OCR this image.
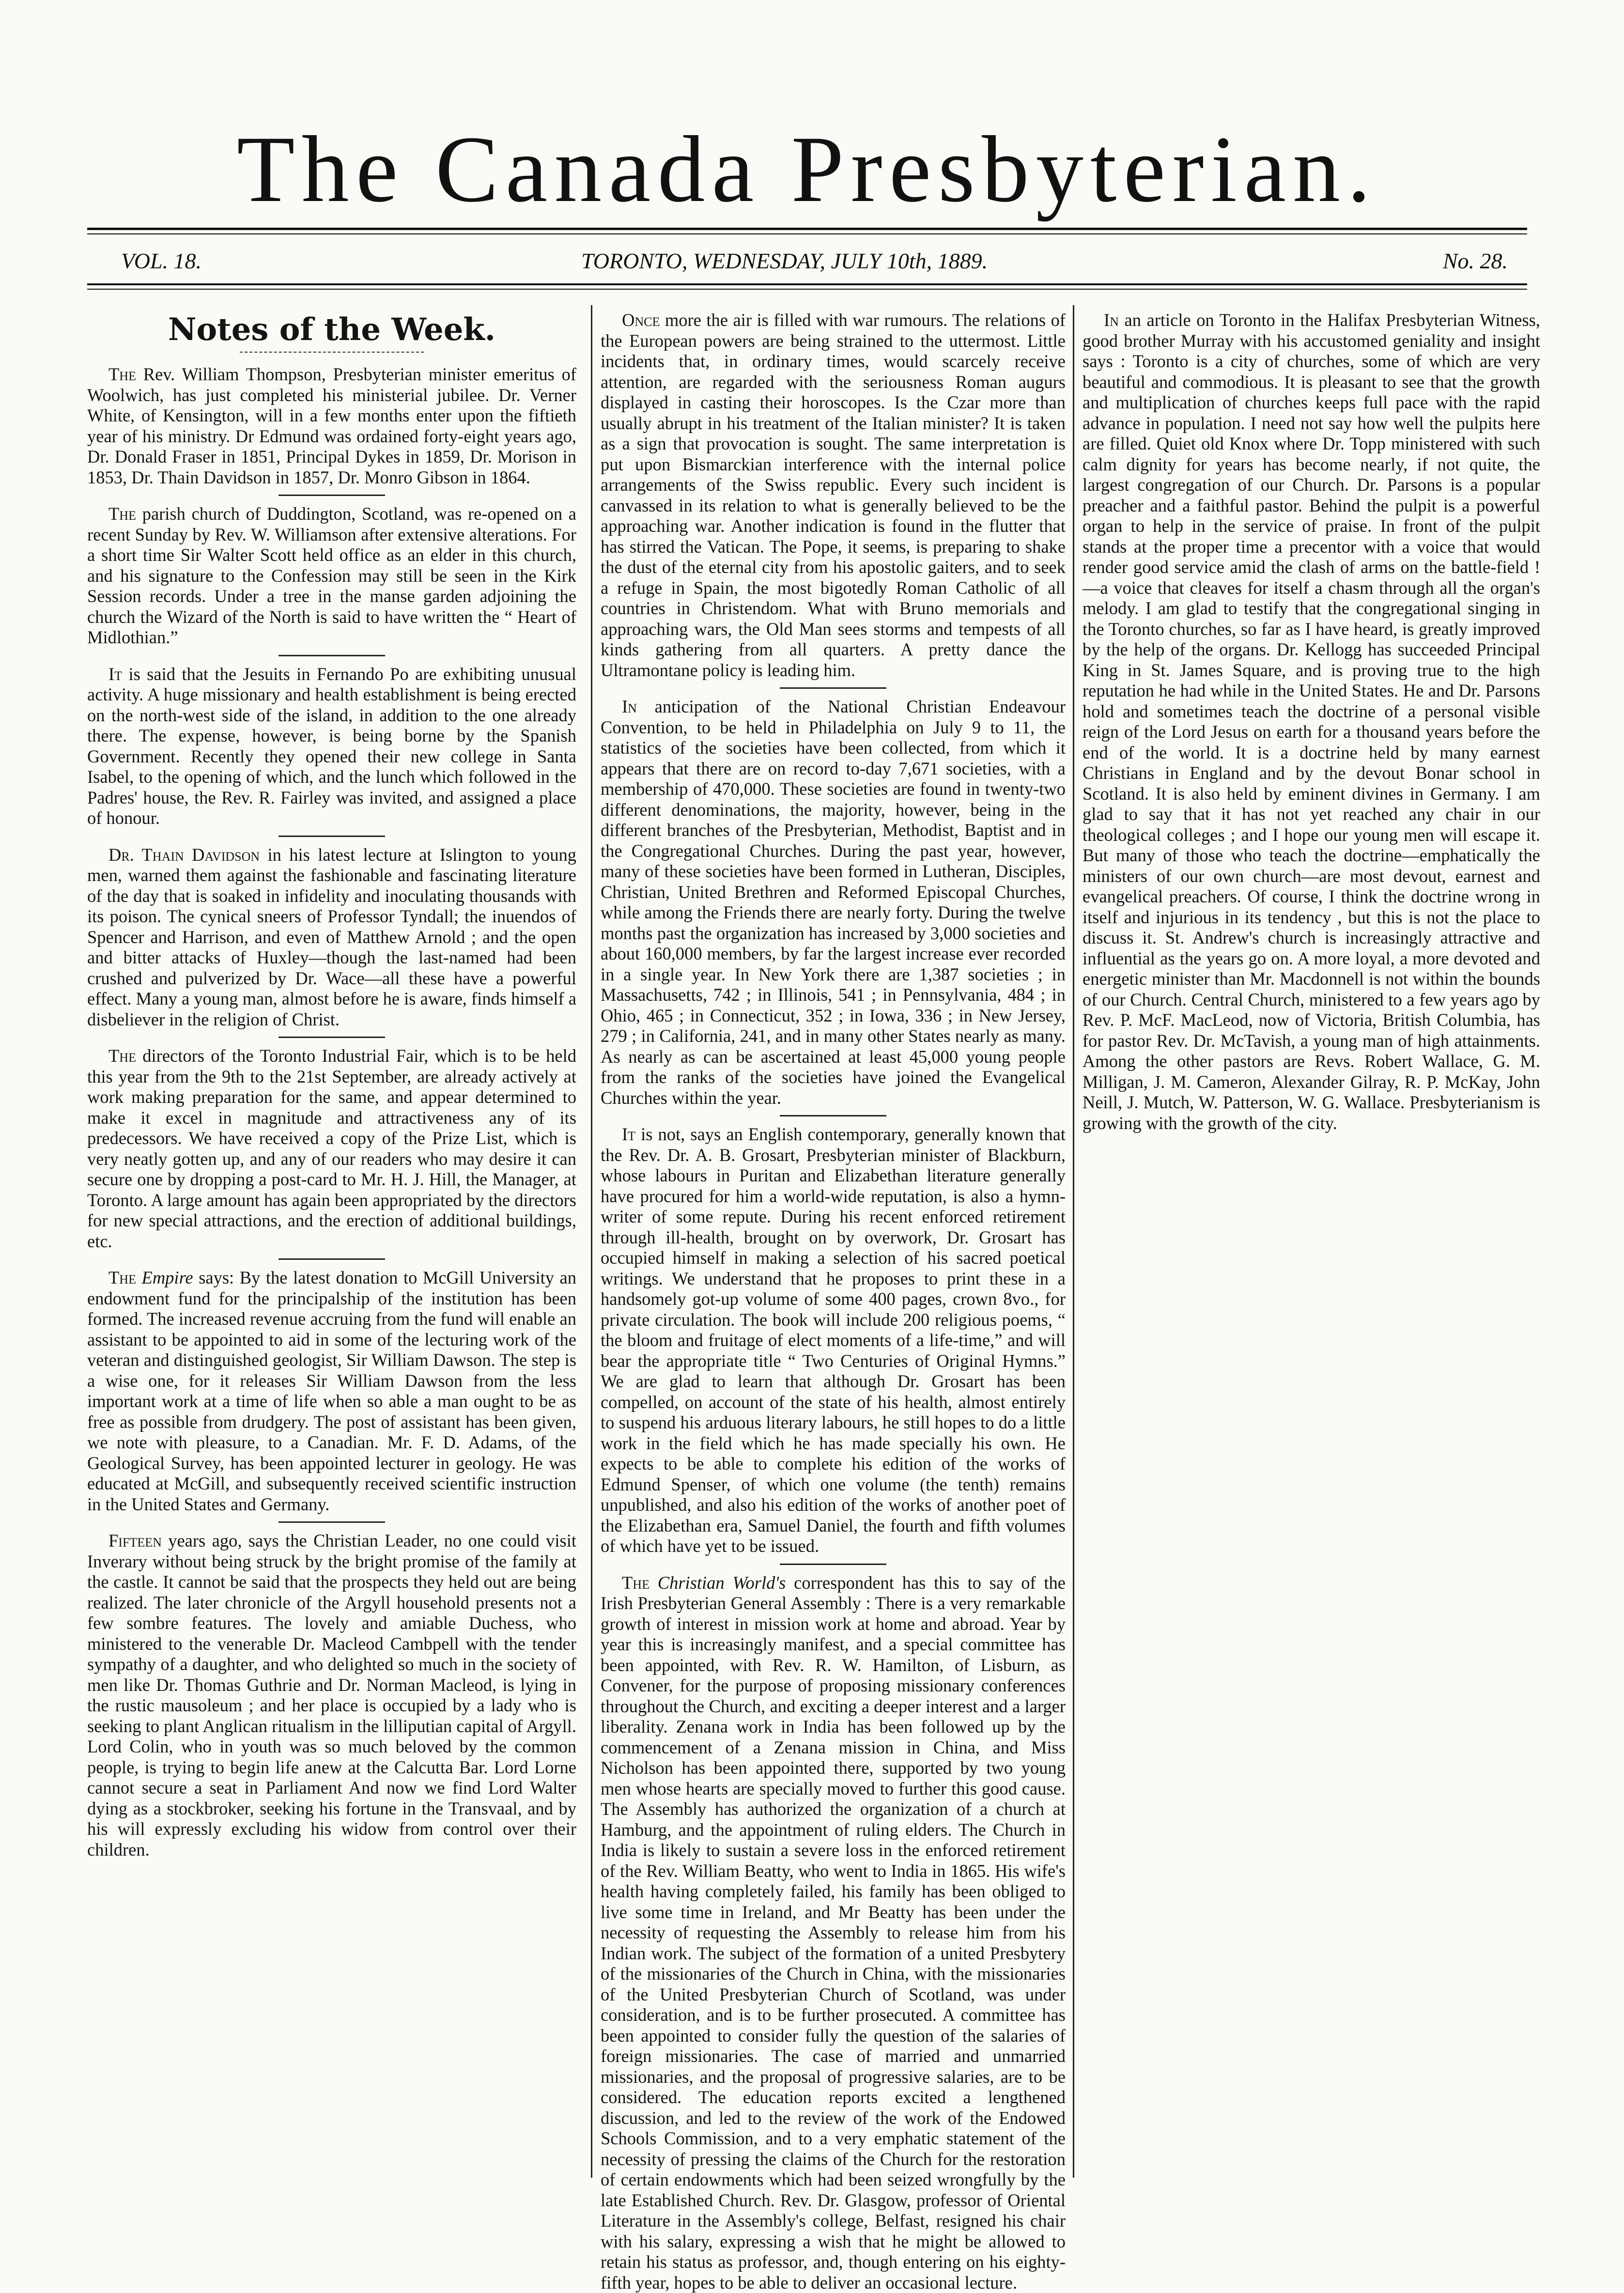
The Canada Presbyterian.
VOL. 18.	TORONTO, WEDNESDAY, JULY 10th, 1889.	No. 28.
Notes of the Week.

The Rev. William Thompson, Presbyterian minister emeritus of Woolwich, has just completed his ministerial jubilee. Dr. Verner White, of Kensington, will in a few months enter upon the fiftieth year of his ministry. Dr Edmund was ordained forty-eight years ago, Dr. Donald Fraser in 1851, Principal Dykes in 1859, Dr. Morison in 1853, Dr. Thain Davidson in 1857, Dr. Monro Gibson in 1864.

The parish church of Duddington, Scotland, was re-opened on a recent Sunday by Rev. W. Williamson after extensive alterations. For a short time Sir Walter Scott held office as an elder in this church, and his signature to the Confession may still be seen in the Kirk Session records. Under a tree in the manse garden adjoining the church the Wizard of the North is said to have written the “ Heart of Midlothian.”

It is said that the Jesuits in Fernando Po are exhibiting unusual activity. A huge missionary and health establishment is being erected on the north-west side of the island, in addition to the one already there. The expense, however, is being borne by the Spanish Government. Recently they opened their new college in Santa Isabel, to the opening of which, and the lunch which followed in the Padres' house, the Rev. R. Fairley was invited, and assigned a place of honour.

Dr. Thain Davidson in his latest lecture at Islington to young men, warned them against the fashionable and fascinating literature of the day that is soaked in infidelity and inoculating thousands with its poison. The cynical sneers of Professor Tyndall; the inuendos of Spencer and Harrison, and even of Matthew Arnold ; and the open and bitter attacks of Huxley—though the last-named had been crushed and pulverized by Dr. Wace—all these have a powerful effect. Many a young man, almost before he is aware, finds himself a disbeliever in the religion of Christ.

The directors of the Toronto Industrial Fair, which is to be held this year from the 9th to the 21st September, are already actively at work making preparation for the same, and appear determined to make it excel in magnitude and attractiveness any of its predecessors. We have received a copy of the Prize List, which is very neatly gotten up, and any of our readers who may desire it can secure one by dropping a post-card to Mr. H. J. Hill, the Manager, at Toronto. A large amount has again been appropriated by the directors for new special attractions, and the erection of additional buildings, etc.

The Empire says: By the latest donation to McGill University an endowment fund for the principalship of the institution has been formed. The increased revenue accruing from the fund will enable an assistant to be appointed to aid in some of the lecturing work of the veteran and distinguished geologist, Sir William Dawson. The step is a wise one, for it releases Sir William Dawson from the less important work at a time of life when so able a man ought to be as free as possible from drudgery. The post of assistant has been given, we note with pleasure, to a Canadian. Mr. F. D. Adams, of the Geological Survey, has been appointed lecturer in geology. He was educated at McGill, and subsequently received scientific instruction in the United States and Germany.

Fifteen years ago, says the Christian Leader, no one could visit Inverary without being struck by the bright promise of the family at the castle. It cannot be said that the prospects they held out are being realized. The later chronicle of the Argyll household presents not a few sombre features. The lovely and amiable Duchess, who ministered to the venerable Dr. Macleod Cambpell with the tender sympathy of a daughter, and who delighted so much in the society of men like Dr. Thomas Guthrie and Dr. Norman Macleod, is lying in the rustic mausoleum ; and her place is occupied by a lady who is seeking to plant Anglican ritualism in the lilliputian capital of Argyll. Lord Colin, who in youth was so much beloved by the common people, is trying to begin life anew at the Calcutta Bar. Lord Lorne cannot secure a seat in Parliament And now we find Lord Walter dying as a stockbroker, seeking his fortune in the Transvaal, and by his will expressly excluding his widow from control over their children.

Once more the air is filled with war rumours. The relations of the European powers are being strained to the uttermost. Little incidents that, in ordinary times, would scarcely receive attention, are regarded with the seriousness Roman augurs displayed in casting their horoscopes. Is the Czar more than usually abrupt in his treatment of the Italian minister? It is taken as a sign that provocation is sought. The same interpretation is put upon Bismarckian interference with the internal police arrangements of the Swiss republic. Every such incident is canvassed in its relation to what is generally believed to be the approaching war. Another indication is found in the flutter that has stirred the Vatican. The Pope, it seems, is preparing to shake the dust of the eternal city from his apostolic gaiters, and to seek a refuge in Spain, the most bigotedly Roman Catholic of all countries in Christendom. What with Bruno memorials and approaching wars, the Old Man sees storms and tempests of all kinds gathering from all quarters. A pretty dance the Ultramontane policy is leading him.

In anticipation of the National Christian Endeavour Convention, to be held in Philadelphia on July 9 to 11, the statistics of the societies have been collected, from which it appears that there are on record to-day 7,671 societies, with a membership of 470,000. These societies are found in twenty-two different denominations, the majority, however, being in the different branches of the Presbyterian, Methodist, Baptist and in the Congregational Churches. During the past year, however, many of these societies have been formed in Lutheran, Disciples, Christian, United Brethren and Reformed Episcopal Churches, while among the Friends there are nearly forty. During the twelve months past the organization has increased by 3,000 societies and about 160,000 members, by far the largest increase ever recorded in a single year. In New York there are 1,387 societies ; in Massachusetts, 742 ; in Illinois, 541 ; in Pennsylvania, 484 ; in Ohio, 465 ; in Connecticut, 352 ; in Iowa, 336 ; in New Jersey, 279 ; in California, 241, and in many other States nearly as many. As nearly as can be ascertained at least 45,000 young people from the ranks of the societies have joined the Evangelical Churches within the year.

It is not, says an English contemporary, generally known that the Rev. Dr. A. B. Grosart, Presbyterian minister of Blackburn, whose labours in Puritan and Elizabethan literature generally have procured for him a world-wide reputation, is also a hymn-writer of some repute. During his recent enforced retirement through ill-health, brought on by overwork, Dr. Grosart has occupied himself in making a selection of his sacred poetical writings. We understand that he proposes to print these in a handsomely got-up volume of some 400 pages, crown 8vo., for private circulation. The book will include 200 religious poems, “ the bloom and fruitage of elect moments of a life-time,” and will bear the appropriate title “ Two Centuries of Original Hymns.” We are glad to learn that although Dr. Grosart has been compelled, on account of the state of his health, almost entirely to suspend his arduous literary labours, he still hopes to do a little work in the field which he has made specially his own. He expects to be able to complete his edition of the works of Edmund Spenser, of which one volume (the tenth) remains unpublished, and also his edition of the works of another poet of the Elizabethan era, Samuel Daniel, the fourth and fifth volumes of which have yet to be issued.

The Christian World's correspondent has this to say of the Irish Presbyterian General Assembly : There is a very remarkable growth of interest in mission work at home and abroad. Year by year this is increasingly manifest, and a special committee has been appointed, with Rev. R. W. Hamilton, of Lisburn, as Convener, for the purpose of proposing missionary conferences throughout the Church, and exciting a deeper interest and a larger liberality. Zenana work in India has been followed up by the commencement of a Zenana mission in China, and Miss Nicholson has been appointed there, supported by two young men whose hearts are specially moved to further this good cause. The Assembly has authorized the organization of a church at Hamburg, and the appointment of ruling elders. The Church in India is likely to sustain a severe loss in the enforced retirement of the Rev. William Beatty, who went to India in 1865. His wife's health having completely failed, his family has been obliged to live some time in Ireland, and Mr Beatty has been under the necessity of requesting the Assembly to release him from his Indian work. The subject of the formation of a united Presbytery of the missionaries of the Church in China, with the missionaries of the United Presbyterian Church of Scotland, was under consideration, and is to be further prosecuted. A committee has been appointed to consider fully the question of the salaries of foreign missionaries. The case of married and unmarried missionaries, and the proposal of progressive salaries, are to be considered. The education reports excited a lengthened discussion, and led to the review of the work of the Endowed Schools Commission, and to a very emphatic statement of the necessity of pressing the claims of the Church for the restoration of certain endowments which had been seized wrongfully by the late Established Church. Rev. Dr. Glasgow, professor of Oriental Literature in the Assembly's college, Belfast, resigned his chair with his salary, expressing a wish that he might be allowed to retain his status as professor, and, though entering on his eighty-fifth year, hopes to be able to deliver an occasional lecture.

In an article on Toronto in the Halifax Presbyterian Witness, good brother Murray with his accustomed geniality and insight says : Toronto is a city of churches, some of which are very beautiful and commodious. It is pleasant to see that the growth and multiplication of churches keeps full pace with the rapid advance in population. I need not say how well the pulpits here are filled. Quiet old Knox where Dr. Topp ministered with such calm dignity for years has become nearly, if not quite, the largest congregation of our Church. Dr. Parsons is a popular preacher and a faithful pastor. Behind the pulpit is a powerful organ to help in the service of praise. In front of the pulpit stands at the proper time a precentor with a voice that would render good service amid the clash of arms on the battle-field !—a voice that cleaves for itself a chasm through all the organ's melody. I am glad to testify that the congregational singing in the Toronto churches, so far as I have heard, is greatly improved by the help of the organs. Dr. Kellogg has succeeded Principal King in St. James Square, and is proving true to the high reputation he had while in the United States. He and Dr. Parsons hold and sometimes teach the doctrine of a personal visible reign of the Lord Jesus on earth for a thousand years before the end of the world. It is a doctrine held by many earnest Christians in England and by the devout Bonar school in Scotland. It is also held by eminent divines in Germany. I am glad to say that it has not yet reached any chair in our theological colleges ; and I hope our young men will escape it. But many of those who teach the doctrine—emphatically the ministers of our own church—are most devout, earnest and evangelical preachers. Of course, I think the doctrine wrong in itself and injurious in its tendency , but this is not the place to discuss it. St. Andrew's church is increasingly attractive and influential as the years go on. A more loyal, a more devoted and energetic minister than Mr. Macdonnell is not within the bounds of our Church. Central Church, ministered to a few years ago by Rev. P. McF. MacLeod, now of Victoria, British Columbia, has for pastor Rev. Dr. McTavish, a young man of high attainments. Among the other pastors are Revs. Robert Wallace, G. M. Milligan, J. M. Cameron, Alexander Gilray, R. P. McKay, John Neill, J. Mutch, W. Patterson, W. G. Wallace. Presbyterianism is growing with the growth of the city.
